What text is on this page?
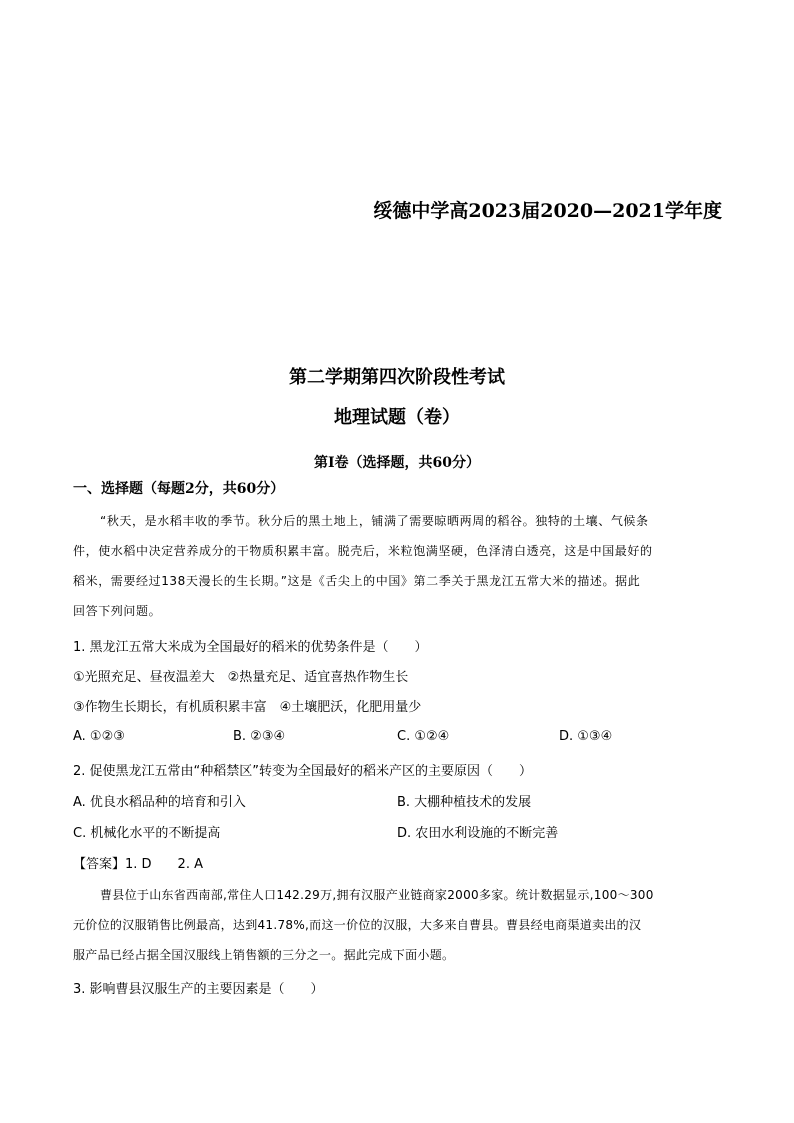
绥德中学高2023届2020—2021学年度
第二学期第四次阶段性考试
地理试题（卷）
第Ⅰ卷（选择题，共60分）
一、选择题（每题2分，共60分）
“秋天，是水稻丰收的季节。秋分后的黑土地上，铺满了需要晾晒两周的稻谷。独特的土壤、气候条
件，使水稻中决定营养成分的干物质积累丰富。脱壳后，米粒饱满坚硬，色泽清白透亮，这是中国最好的
稻米，需要经过138天漫长的生长期。”这是《舌尖上的中国》第二季关于黑龙江五常大米的描述。据此
回答下列问题。
1. 黑龙江五常大米成为全国最好的稻米的优势条件是（　　）
①光照充足、昼夜温差大　②热量充足、适宜喜热作物生长
③作物生长期长，有机质积累丰富　④土壤肥沃，化肥用量少
A. ①②③	B. ②③④	C. ①②④	D. ①③④
2. 促使黑龙江五常由“种稻禁区”转变为全国最好的稻米产区的主要原因（　　）
A. 优良水稻品种的培育和引入	B. 大棚种植技术的发展
C. 机械化水平的不断提高	D. 农田水利设施的不断完善
【答案】1. D　　2. A
曹县位于山东省西南部,常住人口142.29万,拥有汉服产业链商家2000多家。统计数据显示,100～300
元价位的汉服销售比例最高，达到41.78%,而这一价位的汉服，大多来自曹县。曹县经电商渠道卖出的汉
服产品已经占据全国汉服线上销售额的三分之一。据此完成下面小题。
3. 影响曹县汉服生产的主要因素是（　　）
